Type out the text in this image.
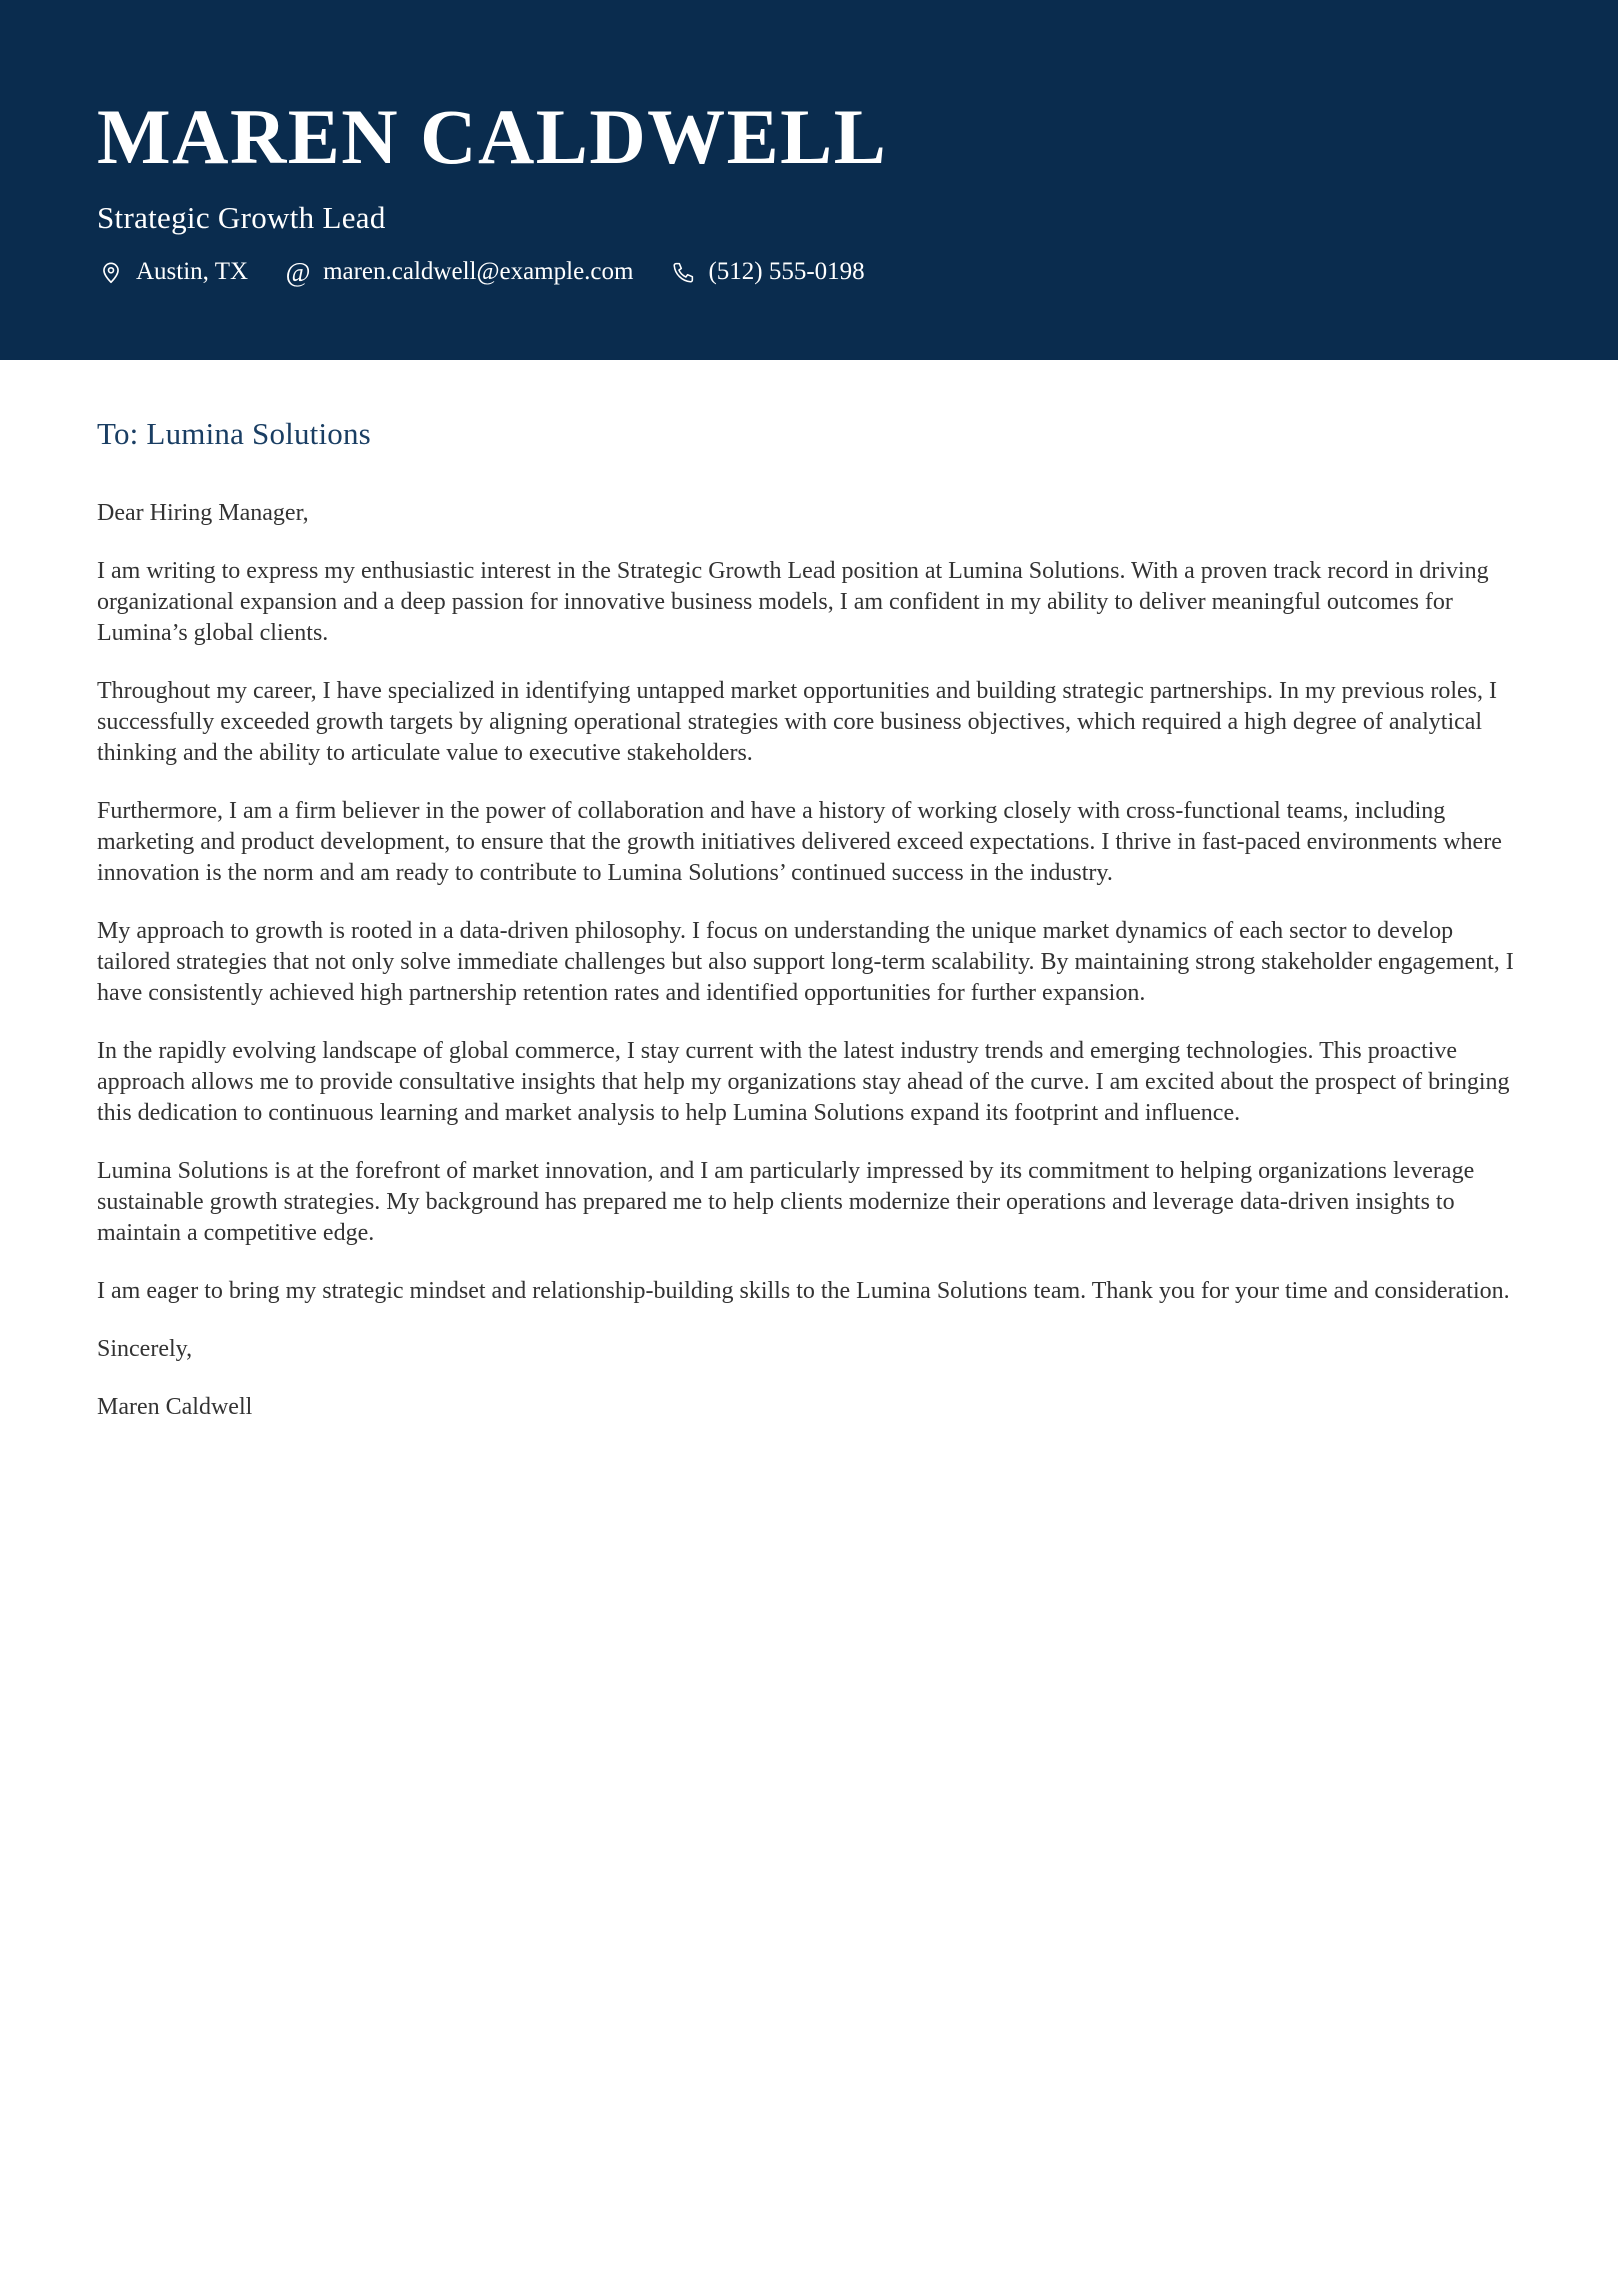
MAREN CALDWELL
Strategic Growth Lead
Austin, TX @ maren.caldwell@example.com	(512) 555-0198
To: Lumina Solutions

Dear Hiring Manager,

I am writing to express my enthusiastic interest in the Strategic Growth Lead position at Lumina Solutions. With a proven track record in driving organizational expansion and a deep passion for innovative business models, I am confident in my ability to deliver meaningful outcomes for Lumina’s global clients.

Throughout my career, I have specialized in identifying untapped market opportunities and building strategic partnerships. In my previous roles, I successfully exceeded growth targets by aligning operational strategies with core business objectives, which required a high degree of analytical thinking and the ability to articulate value to executive stakeholders.

Furthermore, I am a firm believer in the power of collaboration and have a history of working closely with cross-functional teams, including marketing and product development, to ensure that the growth initiatives delivered exceed expectations. I thrive in fast-paced environments where innovation is the norm and am ready to contribute to Lumina Solutions’ continued success in the industry.

My approach to growth is rooted in a data-driven philosophy. I focus on understanding the unique market dynamics of each sector to develop tailored strategies that not only solve immediate challenges but also support long-term scalability. By maintaining strong stakeholder engagement, I have consistently achieved high partnership retention rates and identified opportunities for further expansion.

In the rapidly evolving landscape of global commerce, I stay current with the latest industry trends and emerging technologies. This proactive approach allows me to provide consultative insights that help my organizations stay ahead of the curve. I am excited about the prospect of bringing this dedication to continuous learning and market analysis to help Lumina Solutions expand its footprint and influence.

Lumina Solutions is at the forefront of market innovation, and I am particularly impressed by its commitment to helping organizations leverage sustainable growth strategies. My background has prepared me to help clients modernize their operations and leverage data-driven insights to maintain a competitive edge.

I am eager to bring my strategic mindset and relationship-building skills to the Lumina Solutions team. Thank you for your time and consideration.

Sincerely,

Maren Caldwell
